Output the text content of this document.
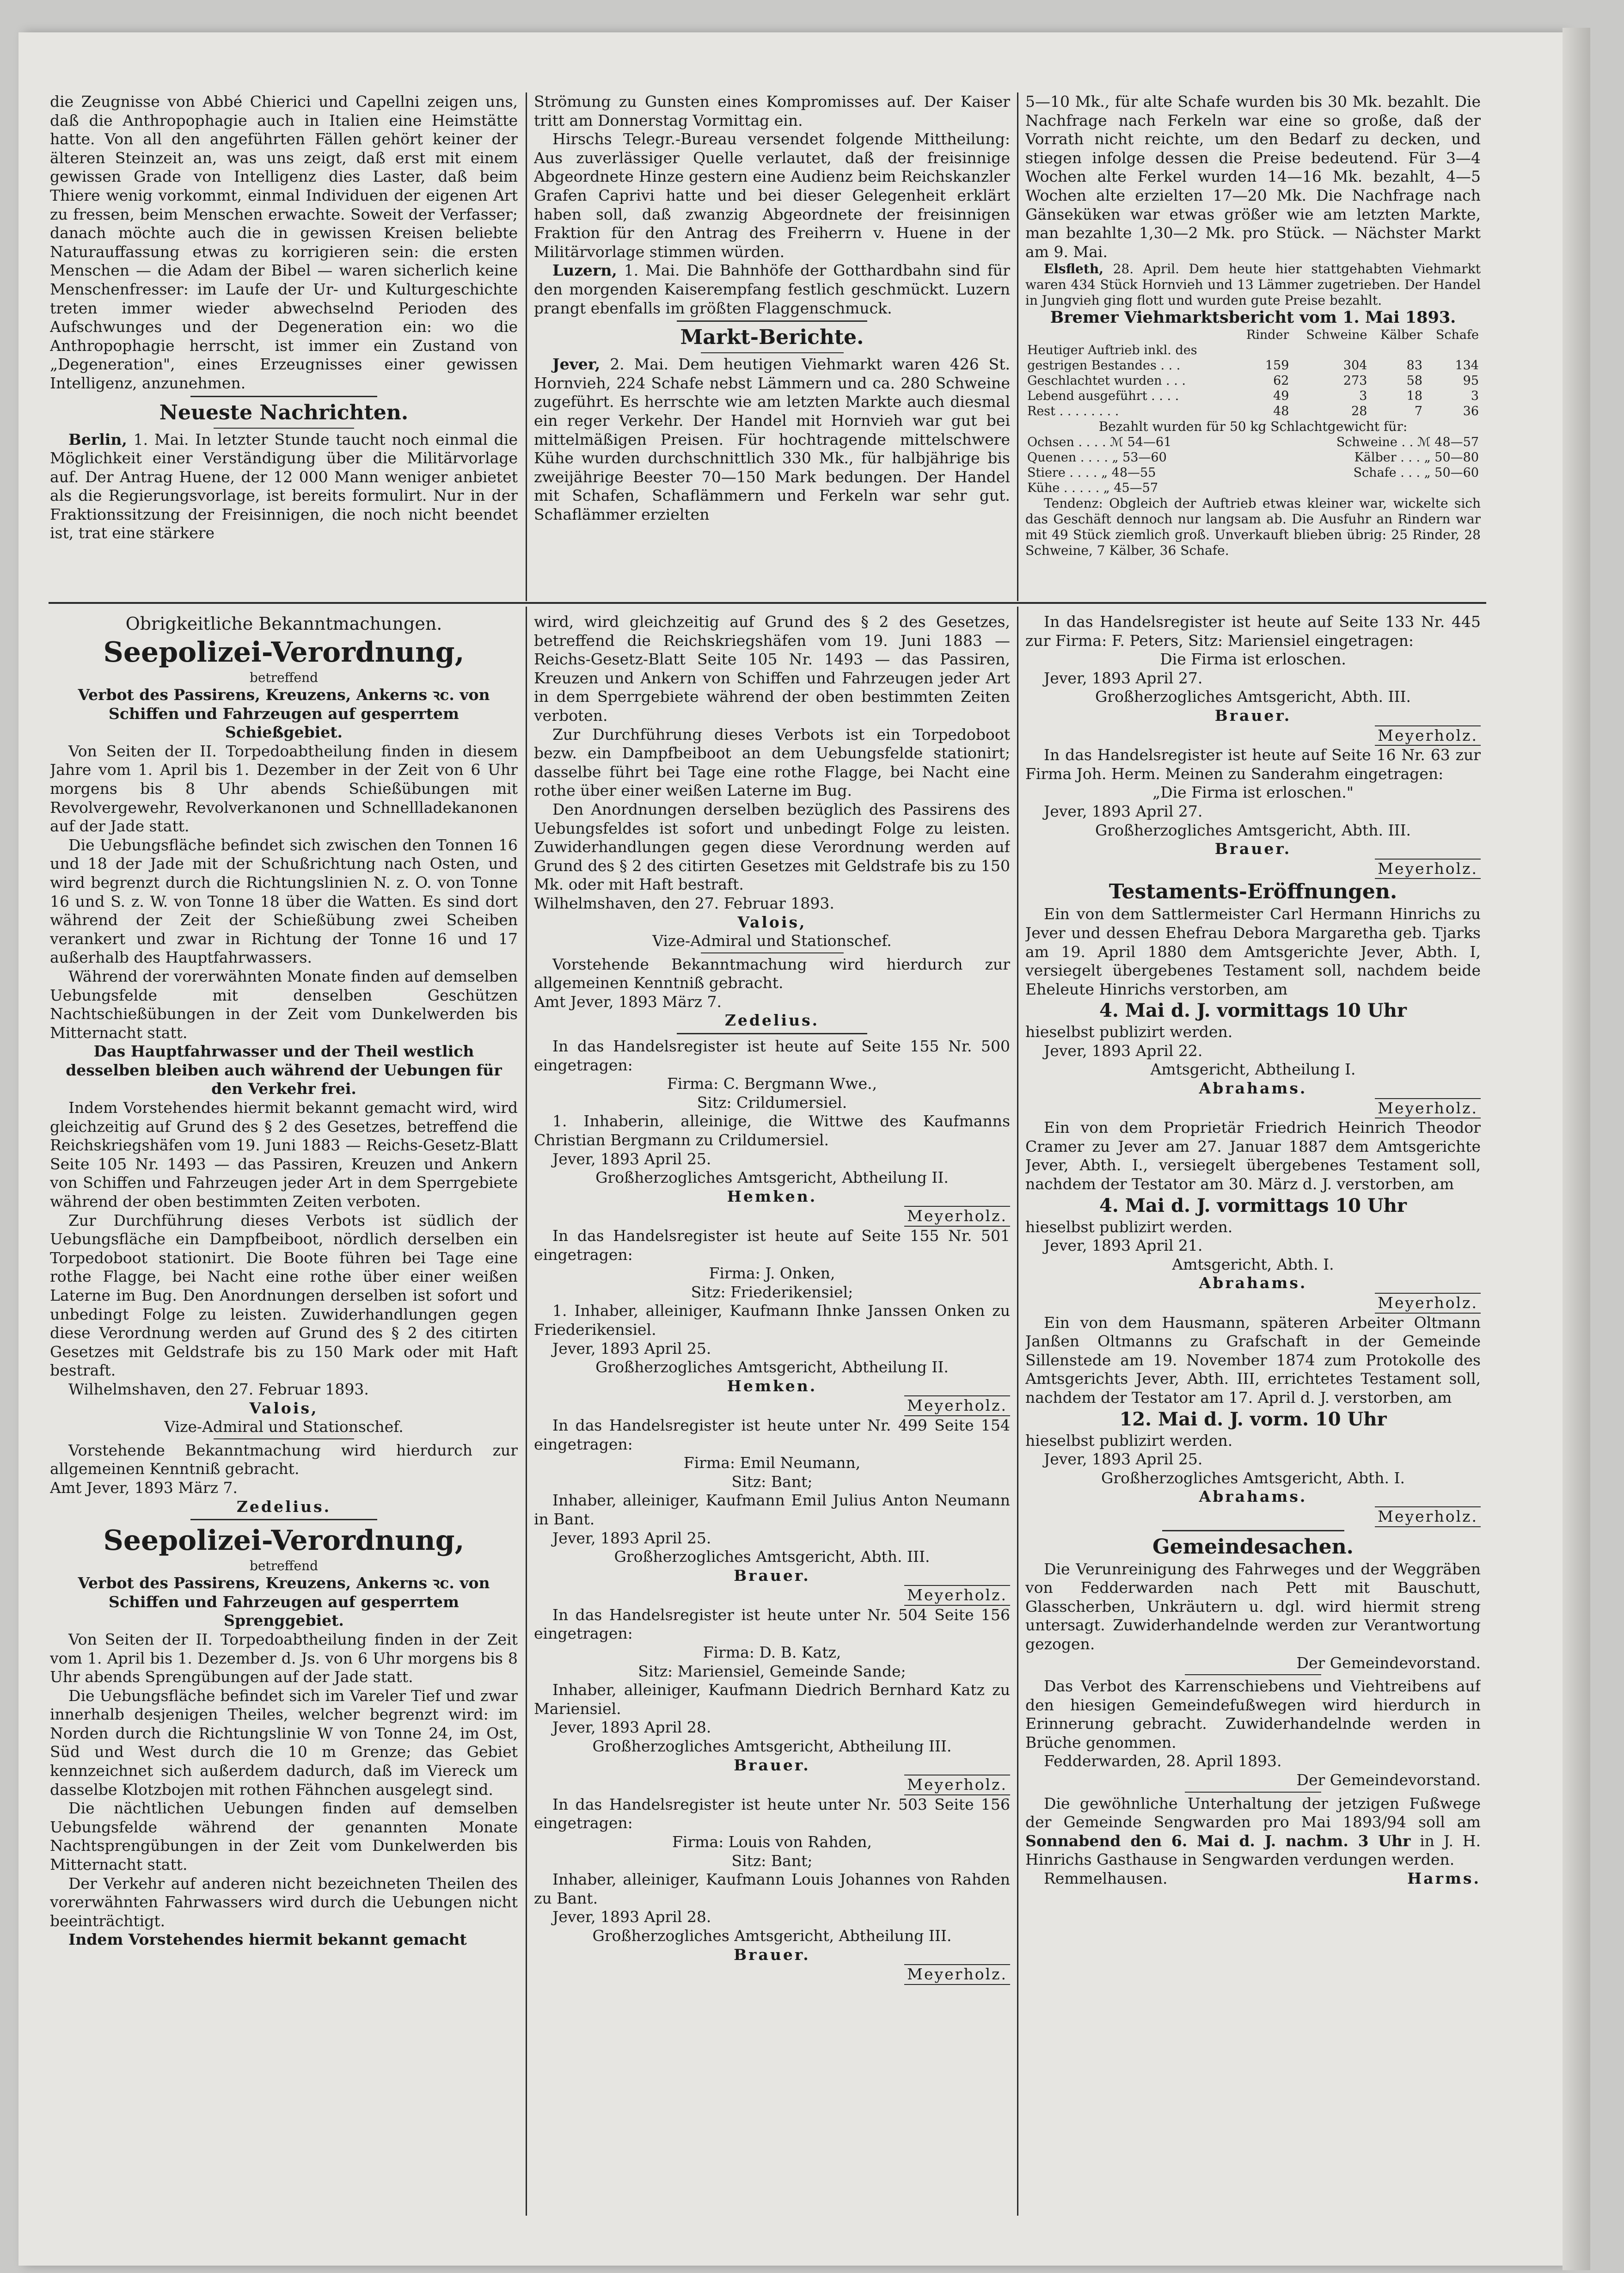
die Zeugnisse von Abbé Chierici und Capellni zeigen uns, daß die Anthropophagie auch in Italien eine Heimstätte hatte. Von all den angeführten Fällen gehört keiner der älteren Steinzeit an, was uns zeigt, daß erst mit einem gewissen Grade von Intelligenz dies Laster, daß beim Thiere wenig vorkommt, einmal Individuen der eigenen Art zu fressen, beim Menschen erwachte. Soweit der Verfasser; danach möchte auch die in gewissen Kreisen beliebte Naturauffassung etwas zu korrigieren sein: die ersten Menschen — die Adam der Bibel — waren sicherlich keine Menschenfresser: im Laufe der Ur- und Kulturgeschichte treten immer wieder abwechselnd Perioden des Aufschwunges und der Degeneration ein: wo die Anthropophagie herrscht, ist immer ein Zustand von „Degeneration", eines Erzeugnisses einer gewissen Intelligenz, anzunehmen.

Neueste Nachrichten.

Berlin, 1. Mai. In letzter Stunde taucht noch einmal die Möglichkeit einer Verständigung über die Militärvorlage auf. Der Antrag Huene, der 12 000 Mann weniger anbietet als die Regierungsvorlage, ist bereits formulirt. Nur in der Fraktionssitzung der Freisinnigen, die noch nicht beendet ist, trat eine stärkere

Strömung zu Gunsten eines Kompromisses auf. Der Kaiser tritt am Donnerstag Vormittag ein.

Hirschs Telegr.-Bureau versendet folgende Mittheilung: Aus zuverlässiger Quelle verlautet, daß der freisinnige Abgeordnete Hinze gestern eine Audienz beim Reichskanzler Grafen Caprivi hatte und bei dieser Gelegenheit erklärt haben soll, daß zwanzig Abgeordnete der freisinnigen Fraktion für den Antrag des Freiherrn v. Huene in der Militärvorlage stimmen würden.

Luzern, 1. Mai. Die Bahnhöfe der Gotthardbahn sind für den morgenden Kaiserempfang festlich geschmückt. Luzern prangt ebenfalls im größten Flaggenschmuck.

Markt-Berichte.

Jever, 2. Mai. Dem heutigen Viehmarkt waren 426 St. Hornvieh, 224 Schafe nebst Lämmern und ca. 280 Schweine zugeführt. Es herrschte wie am letzten Markte auch diesmal ein reger Verkehr. Der Handel mit Hornvieh war gut bei mittelmäßigen Preisen. Für hochtragende mittelschwere Kühe wurden durchschnittlich 330 Mk., für halbjährige bis zweijährige Beester 70—150 Mark bedungen. Der Handel mit Schafen, Schaflämmern und Ferkeln war sehr gut. Schaflämmer erzielten

5—10 Mk., für alte Schafe wurden bis 30 Mk. bezahlt. Die Nachfrage nach Ferkeln war eine so große, daß der Vorrath nicht reichte, um den Bedarf zu decken, und stiegen infolge dessen die Preise bedeutend. Für 3—4 Wochen alte Ferkel wurden 14—16 Mk. bezahlt, 4—5 Wochen alte erzielten 17—20 Mk. Die Nachfrage nach Gänseküken war etwas größer wie am letzten Markte, man bezahlte 1,30—2 Mk. pro Stück. — Nächster Markt am 9. Mai.

Elsfleth, 28. April. Dem heute hier stattgehabten Viehmarkt waren 434 Stück Hornvieh und 13 Lämmer zugetrieben. Der Handel in Jungvieh ging flott und wurden gute Preise bezahlt.

Bremer Viehmarktsbericht vom 1. Mai 1893.

	Rinder	Schweine	Kälber	Schafe
Heutiger Auftrieb inkl. des				
gestrigen Bestandes . . .	159	304	83	134
Geschlachtet wurden . . .	62	273	58	95
Lebend ausgeführt . . . .	49	3	18	3
Rest . . . . . . . .	48	28	7	36

Bezahlt wurden für 50 kg Schlachtgewicht für:

Ochsen . . . . ℳ 54—61	Schweine . . ℳ 48—57
Quenen . . . . „ 53—60	Kälber . . . „ 50—80
Stiere . . . . „ 48—55	Schafe . . . „ 50—60
Kühe . . . . . „ 45—57	

Tendenz: Obgleich der Auftrieb etwas kleiner war, wickelte sich das Geschäft dennoch nur langsam ab. Die Ausfuhr an Rindern war mit 49 Stück ziemlich groß. Unverkauft blieben übrig: 25 Rinder, 28 Schweine, 7 Kälber, 36 Schafe.

Obrigkeitliche Bekanntmachungen.

Seepolizei-Verordnung,

betreffend

Verbot des Passirens, Kreuzens, Ankerns ꝛc. von Schiffen und Fahrzeugen auf gesperrtem Schießgebiet.

Von Seiten der II. Torpedoabtheilung finden in diesem Jahre vom 1. April bis 1. Dezember in der Zeit von 6 Uhr morgens bis 8 Uhr abends Schießübungen mit Revolvergewehr, Revolverkanonen und Schnellladekanonen auf der Jade statt.

Die Uebungsfläche befindet sich zwischen den Tonnen 16 und 18 der Jade mit der Schußrichtung nach Osten, und wird begrenzt durch die Richtungslinien N. z. O. von Tonne 16 und S. z. W. von Tonne 18 über die Watten. Es sind dort während der Zeit der Schießübung zwei Scheiben verankert und zwar in Richtung der Tonne 16 und 17 außerhalb des Hauptfahrwassers.

Während der vorerwähnten Monate finden auf demselben Uebungsfelde mit denselben Geschützen Nachtschießübungen in der Zeit vom Dunkelwerden bis Mitternacht statt.

Das Hauptfahrwasser und der Theil westlich desselben bleiben auch während der Uebungen für den Verkehr frei.

Indem Vorstehendes hiermit bekannt gemacht wird, wird gleichzeitig auf Grund des § 2 des Gesetzes, betreffend die Reichskriegshäfen vom 19. Juni 1883 — Reichs-Gesetz-Blatt Seite 105 Nr. 1493 — das Passiren, Kreuzen und Ankern von Schiffen und Fahrzeugen jeder Art in dem Sperrgebiete während der oben bestimmten Zeiten verboten.

Zur Durchführung dieses Verbots ist südlich der Uebungsfläche ein Dampfbeiboot, nördlich derselben ein Torpedoboot stationirt. Die Boote führen bei Tage eine rothe Flagge, bei Nacht eine rothe über einer weißen Laterne im Bug. Den Anordnungen derselben ist sofort und unbedingt Folge zu leisten. Zuwiderhandlungen gegen diese Verordnung werden auf Grund des § 2 des citirten Gesetzes mit Geldstrafe bis zu 150 Mark oder mit Haft bestraft.

Wilhelmshaven, den 27. Februar 1893.

Valois,

Vize-Admiral und Stationschef.

Vorstehende Bekanntmachung wird hierdurch zur allgemeinen Kenntniß gebracht.

Amt Jever, 1893 März 7.

Zedelius.

Seepolizei-Verordnung,

betreffend

Verbot des Passirens, Kreuzens, Ankerns ꝛc. von Schiffen und Fahrzeugen auf gesperrtem Sprenggebiet.

Von Seiten der II. Torpedoabtheilung finden in der Zeit vom 1. April bis 1. Dezember d. Js. von 6 Uhr morgens bis 8 Uhr abends Sprengübungen auf der Jade statt.

Die Uebungsfläche befindet sich im Vareler Tief und zwar innerhalb desjenigen Theiles, welcher begrenzt wird: im Norden durch die Richtungslinie W von Tonne 24, im Ost, Süd und West durch die 10 m Grenze; das Gebiet kennzeichnet sich außerdem dadurch, daß im Viereck um dasselbe Klotzbojen mit rothen Fähnchen ausgelegt sind.

Die nächtlichen Uebungen finden auf demselben Uebungsfelde während der genannten Monate Nachtsprengübungen in der Zeit vom Dunkelwerden bis Mitternacht statt.

Der Verkehr auf anderen nicht bezeichneten Theilen des vorerwähnten Fahrwassers wird durch die Uebungen nicht beeinträchtigt.

Indem Vorstehendes hiermit bekannt gemacht

wird, wird gleichzeitig auf Grund des § 2 des Gesetzes, betreffend die Reichskriegshäfen vom 19. Juni 1883 — Reichs-Gesetz-Blatt Seite 105 Nr. 1493 — das Passiren, Kreuzen und Ankern von Schiffen und Fahrzeugen jeder Art in dem Sperrgebiete während der oben bestimmten Zeiten verboten.

Zur Durchführung dieses Verbots ist ein Torpedoboot bezw. ein Dampfbeiboot an dem Uebungsfelde stationirt; dasselbe führt bei Tage eine rothe Flagge, bei Nacht eine rothe über einer weißen Laterne im Bug.

Den Anordnungen derselben bezüglich des Passirens des Uebungsfeldes ist sofort und unbedingt Folge zu leisten. Zuwiderhandlungen gegen diese Verordnung werden auf Grund des § 2 des citirten Gesetzes mit Geldstrafe bis zu 150 Mk. oder mit Haft bestraft.

Wilhelmshaven, den 27. Februar 1893.

Valois,

Vize-Admiral und Stationschef.

Vorstehende Bekanntmachung wird hierdurch zur allgemeinen Kenntniß gebracht.

Amt Jever, 1893 März 7.

Zedelius.

In das Handelsregister ist heute auf Seite 155 Nr. 500 eingetragen:

Firma: C. Bergmann Wwe.,

Sitz: Crildumersiel.

1. Inhaberin, alleinige, die Wittwe des Kaufmanns Christian Bergmann zu Crildumersiel.

Jever, 1893 April 25.

Großherzogliches Amtsgericht, Abtheilung II.

Hemken.

Meyerholz.

In das Handelsregister ist heute auf Seite 155 Nr. 501 eingetragen:

Firma: J. Onken,

Sitz: Friederikensiel;

1. Inhaber, alleiniger, Kaufmann Ihnke Janssen Onken zu Friederikensiel.

Jever, 1893 April 25.

Großherzogliches Amtsgericht, Abtheilung II.

Hemken.

Meyerholz.

In das Handelsregister ist heute unter Nr. 499 Seite 154 eingetragen:

Firma: Emil Neumann,

Sitz: Bant;

Inhaber, alleiniger, Kaufmann Emil Julius Anton Neumann in Bant.

Jever, 1893 April 25.

Großherzogliches Amtsgericht, Abth. III.

Brauer.

Meyerholz.

In das Handelsregister ist heute unter Nr. 504 Seite 156 eingetragen:

Firma: D. B. Katz,

Sitz: Mariensiel, Gemeinde Sande;

Inhaber, alleiniger, Kaufmann Diedrich Bernhard Katz zu Mariensiel.

Jever, 1893 April 28.

Großherzogliches Amtsgericht, Abtheilung III.

Brauer.

Meyerholz.

In das Handelsregister ist heute unter Nr. 503 Seite 156 eingetragen:

Firma: Louis von Rahden,

Sitz: Bant;

Inhaber, alleiniger, Kaufmann Louis Johannes von Rahden zu Bant.

Jever, 1893 April 28.

Großherzogliches Amtsgericht, Abtheilung III.

Brauer.

Meyerholz.

In das Handelsregister ist heute auf Seite 133 Nr. 445 zur Firma: F. Peters, Sitz: Mariensiel eingetragen:

Die Firma ist erloschen.

Jever, 1893 April 27.

Großherzogliches Amtsgericht, Abth. III.

Brauer.

Meyerholz.

In das Handelsregister ist heute auf Seite 16 Nr. 63 zur Firma Joh. Herm. Meinen zu Sanderahm eingetragen:

„Die Firma ist erloschen."

Jever, 1893 April 27.

Großherzogliches Amtsgericht, Abth. III.

Brauer.

Meyerholz.

Testaments-Eröffnungen.

Ein von dem Sattlermeister Carl Hermann Hinrichs zu Jever und dessen Ehefrau Debora Margaretha geb. Tjarks am 19. April 1880 dem Amtsgerichte Jever, Abth. I, versiegelt übergebenes Testament soll, nachdem beide Eheleute Hinrichs verstorben, am

4. Mai d. J. vormittags 10 Uhr

hieselbst publizirt werden.

Jever, 1893 April 22.

Amtsgericht, Abtheilung I.

Abrahams.

Meyerholz.

Ein von dem Proprietär Friedrich Heinrich Theodor Cramer zu Jever am 27. Januar 1887 dem Amtsgerichte Jever, Abth. I., versiegelt übergebenes Testament soll, nachdem der Testator am 30. März d. J. verstorben, am

4. Mai d. J. vormittags 10 Uhr

hieselbst publizirt werden.

Jever, 1893 April 21.

Amtsgericht, Abth. I.

Abrahams.

Meyerholz.

Ein von dem Hausmann, späteren Arbeiter Oltmann Janßen Oltmanns zu Grafschaft in der Gemeinde Sillenstede am 19. November 1874 zum Protokolle des Amtsgerichts Jever, Abth. III, errichtetes Testament soll, nachdem der Testator am 17. April d. J. verstorben, am

12. Mai d. J. vorm. 10 Uhr

hieselbst publizirt werden.

Jever, 1893 April 25.

Großherzogliches Amtsgericht, Abth. I.

Abrahams.

Meyerholz.

Gemeindesachen.

Die Verunreinigung des Fahrweges und der Weggräben von Fedderwarden nach Pett mit Bauschutt, Glasscherben, Unkräutern u. dgl. wird hiermit streng untersagt. Zuwiderhandelnde werden zur Verantwortung gezogen.

Der Gemeindevorstand.

Das Verbot des Karrenschiebens und Viehtreibens auf den hiesigen Gemeindefußwegen wird hierdurch in Erinnerung gebracht. Zuwiderhandelnde werden in Brüche genommen.

Fedderwarden, 28. April 1893.

Der Gemeindevorstand.

Die gewöhnliche Unterhaltung der jetzigen Fußwege der Gemeinde Sengwarden pro Mai 1893/94 soll am Sonnabend den 6. Mai d. J. nachm. 3 Uhr in J. H. Hinrichs Gasthause in Sengwarden verdungen werden.

Remmelhausen.	Harms.
